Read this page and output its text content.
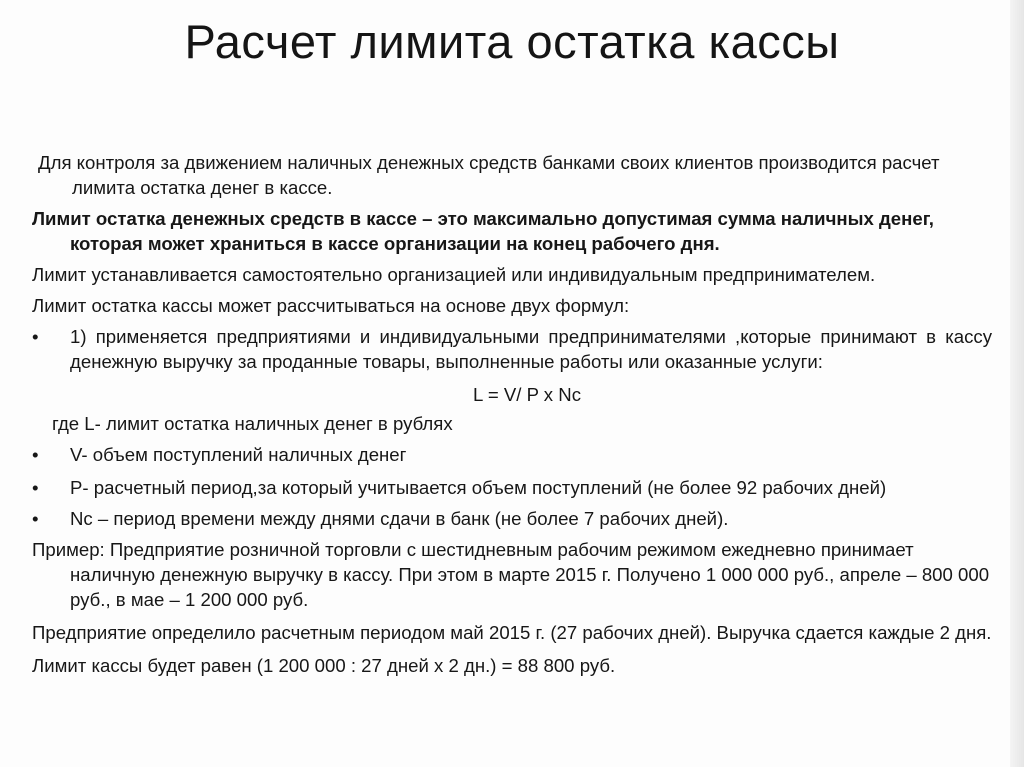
Расчет лимита остатка кассы

Для контроля за движением наличных денежных средств банками своих клиентов производится расчет лимита остатка денег в кассе.

Лимит остатка денежных средств в кассе – это максимально допустимая сумма наличных денег, которая может храниться в кассе организации на конец рабочего дня.

Лимит устанавливается самостоятельно организацией или индивидуальным предпринимателем.

Лимит остатка кассы может рассчитываться на основе двух формул:

• 1) применяется предприятиями и индивидуальными предпринимателями ,которые принимают в кассу денежную выручку за проданные товары, выполненные работы или оказанные услуги:

L = V/ P х Nc

где L- лимит остатка наличных денег в рублях

• V- объем поступлений наличных денег
• P- расчетный период,за который учитывается объем поступлений (не более 92 рабочих дней)
• Nc – период времени между днями сдачи в банк (не более 7 рабочих дней).

Пример: Предприятие розничной торговли с шестидневным рабочим режимом ежедневно принимает наличную денежную выручку в кассу. При этом в марте 2015 г. Получено 1 000 000 руб., апреле – 800 000 руб., в мае – 1 200 000 руб.

Предприятие определило расчетным периодом май 2015 г. (27 рабочих дней). Выручка сдается каждые 2 дня.

Лимит кассы будет равен (1 200 000 : 27 дней х 2 дн.) = 88 800 руб.
